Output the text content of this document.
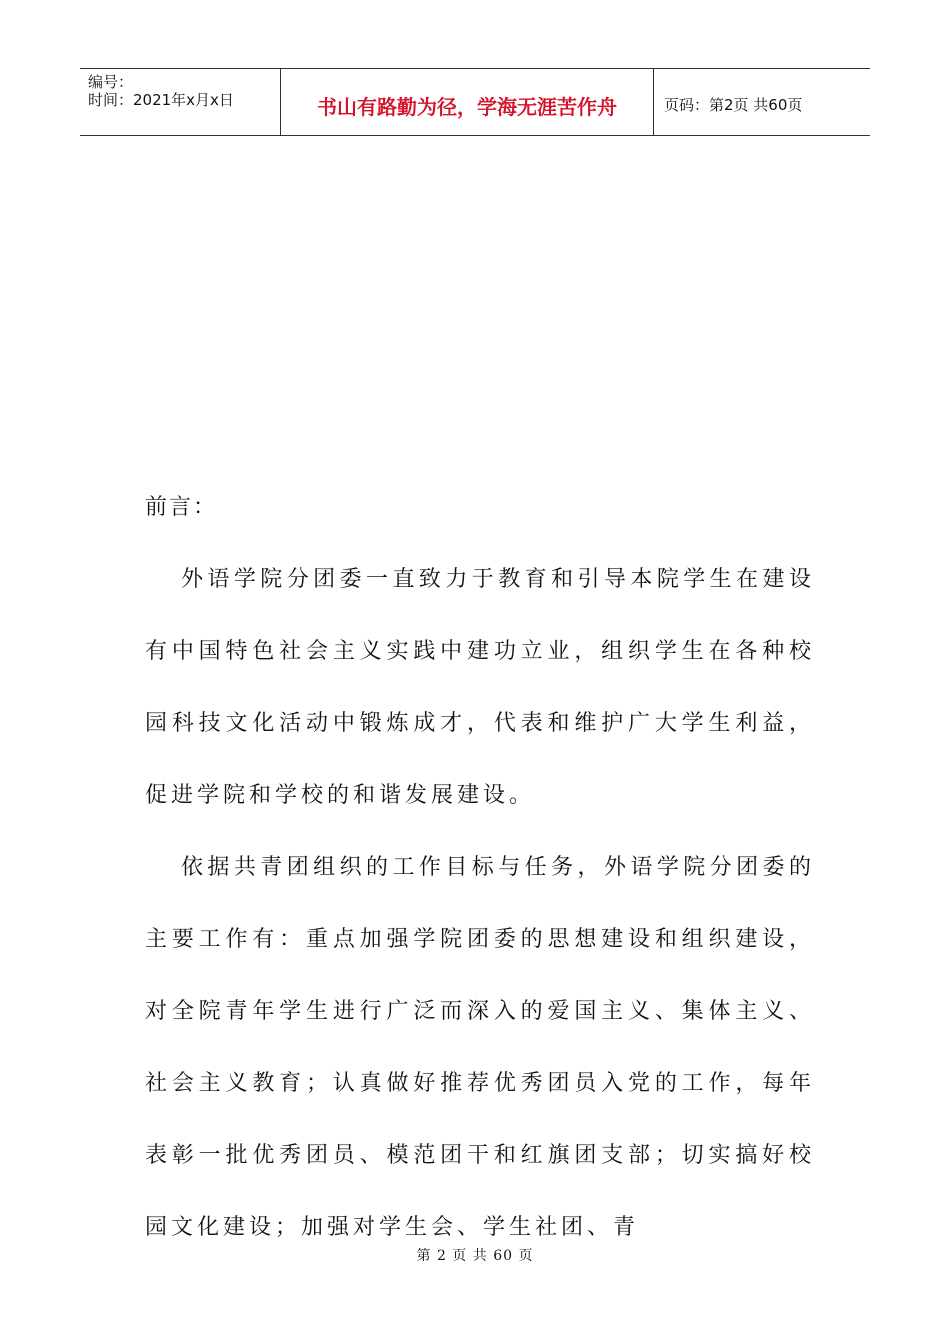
编号：
时间：2021年x月x日	书山有路勤为径，学海无涯苦作舟	页码：第2页 共60页

前言：

外语学院分团委一直致力于教育和引导本院学生在建设有中国特色社会主义实践中建功立业，组织学生在各种校园科技文化活动中锻炼成才，代表和维护广大学生利益，促进学院和学校的和谐发展建设。

依据共青团组织的工作目标与任务，外语学院分团委的主要工作有：重点加强学院团委的思想建设和组织建设，对全院青年学生进行广泛而深入的爱国主义、集体主义、社会主义教育；认真做好推荐优秀团员入党的工作，每年表彰一批优秀团员、模范团干和红旗团支部；切实搞好校园文化建设；加强对学生会、学生社团、青

第 2 页 共 60 页
